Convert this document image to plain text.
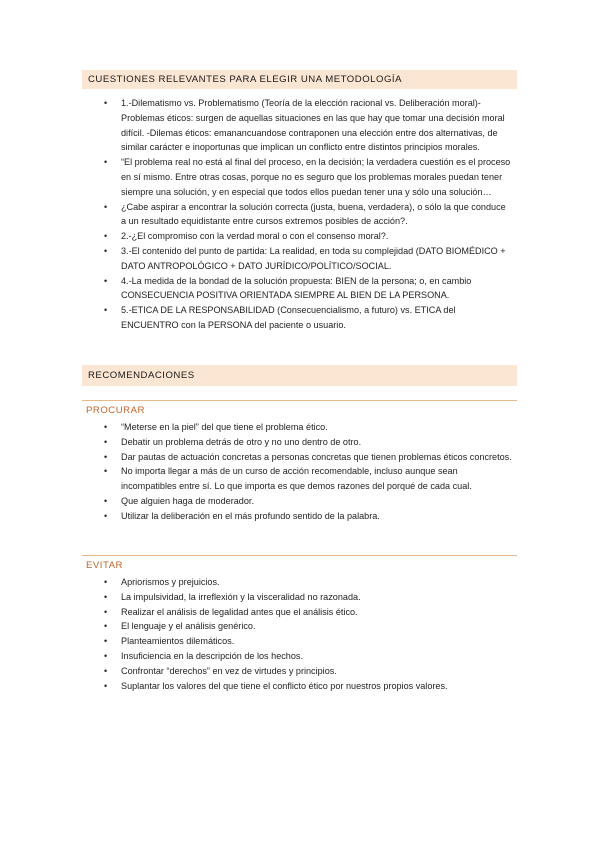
CUESTIONES RELEVANTES PARA ELEGIR UNA METODOLOGÍA
• 1.-Dilematismo vs. Problematismo (Teoría de la elección racional vs. Deliberación moral)- Problemas éticos: surgen de aquellas situaciones en las que hay que tomar una decisión moral difícil. -Dilemas éticos: emanancuandose contraponen una elección entre dos alternativas, de similar carácter e inoportunas que implican un conflicto entre distintos principios morales.
• “El problema real no está al final del proceso, en la decisión; la verdadera cuestión es el proceso en sí mismo. Entre otras cosas, porque no es seguro que los problemas morales puedan tener siempre una solución, y en especial que todos ellos puedan tener una y sólo una solución…
• ¿Cabe aspirar a encontrar la solución correcta (justa, buena, verdadera), o sólo la que conduce a un resultado equidistante entre cursos extremos posibles de acción?.
• 2.-¿El compromiso con la verdad moral o con el consenso moral?.
• 3.-El contenido del punto de partida: La realidad, en toda su complejidad (DATO BIOMÉDICO + DATO ANTROPOLÓGICO + DATO JURÍDICO/POLÍTICO/SOCIAL.
• 4.-La medida de la bondad de la solución propuesta: BIEN de la persona; o, en cambio CONSECUENCIA POSITIVA ORIENTADA SIEMPRE AL BIEN DE LA PERSONA.
• 5.-ETICA DE LA RESPONSABILIDAD (Consecuencialismo, a futuro) vs. ETICA del ENCUENTRO con la PERSONA del paciente o usuario.
RECOMENDACIONES
PROCURAR
• “Meterse en la piel” del que tiene el problema ético.
• Debatir un problema detrás de otro y no uno dentro de otro.
• Dar pautas de actuación concretas a personas concretas que tienen problemas éticos concretos.
• No importa llegar a más de un curso de acción recomendable, incluso aunque sean incompatibles entre sí. Lo que importa es que demos razones del porqué de cada cual.
• Que alguien haga de moderador.
• Utilizar la deliberación en el más profundo sentido de la palabra.
EVITAR
• Apriorismos y prejuicios.
• La impulsividad, la irreflexión y la visceralidad no razonada.
• Realizar el análisis de legalidad antes que el análisis ético.
• El lenguaje y el análisis genérico.
• Planteamientos dilemáticos.
• Insuficiencia en la descripción de los hechos.
• Confrontar “derechos” en vez de virtudes y principios.
• Suplantar los valores del que tiene el conflicto ético por nuestros propios valores.
